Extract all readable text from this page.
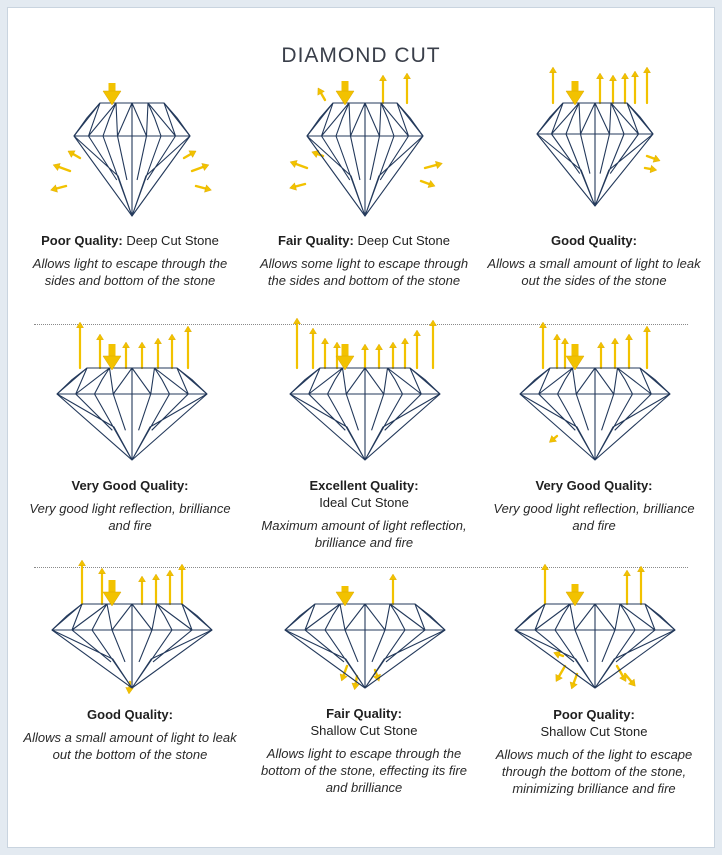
DIAMOND CUT
Poor Quality: Deep Cut Stone
Allows light to escape through the sides and bottom of the stone
Fair Quality: Deep Cut Stone
Allows some light to escape through the sides and bottom of the stone
Good Quality:
Allows a small amount of light to leak out the sides of the stone
Very Good Quality:
Very good light reflection, brilliance and fire
Excellent Quality:
Ideal Cut Stone
Maximum amount of light reflection, brilliance and fire
Very Good Quality:
Very good light reflection, brilliance and fire
Good Quality:
Allows a small amount of light to leak out the bottom of the stone
Fair Quality:
Shallow Cut Stone
Allows light to escape through the bottom of the stone, effecting its fire and brilliance
Poor Quality:
Shallow Cut Stone
Allows much of the light to escape through the bottom of the stone, minimizing brilliance and fire
